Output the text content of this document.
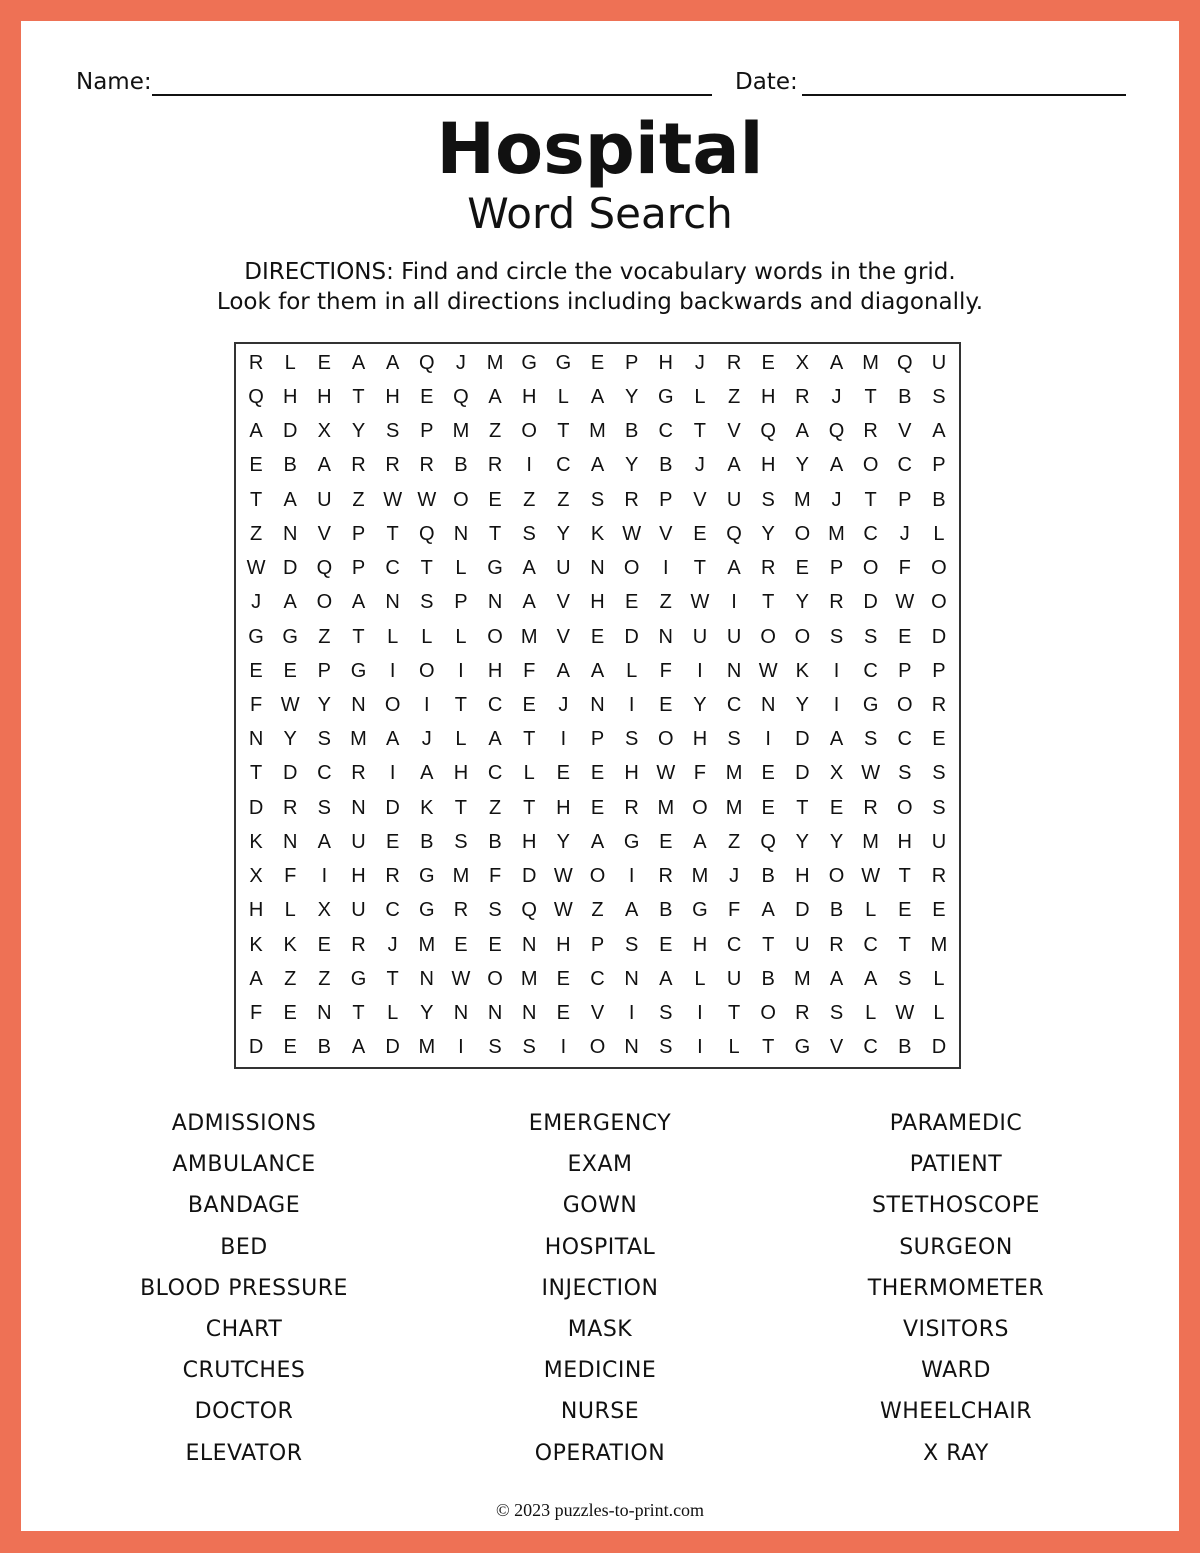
Name:	Date:
Hospital
Word Search
DIRECTIONS: Find and circle the vocabulary words in the grid.
Look for them in all directions including backwards and diagonally.
R	L	E	A	A Q	J	M G G E	P	H	J	R	E	X	A M Q U
Q H H	T	H	E Q A	H	L	A	Y G	L	Z	H R	J	T	B	S
A	D	X	Y	S	P M Z	O	T M B	C	T	V Q A Q R	V	A
E	B	A	R R R	B	R	I	C	A	Y	B	J	A	H	Y	A O C	P
T	A	U	Z W W O E	Z	Z	S	R	P	V	U	S M	J	T	P	B
Z	N	V	P	T	Q N	T	S	Y	K W V	E Q Y O M C	J	L
W D Q P	C	T	L	G A	U N O	I	T	A	R	E	P O	F	O
J	A O A	N	S	P	N	A	V	H	E	Z W	I	T	Y	R D W O
G G	Z	T	L	L	L	O M V	E	D N U U O O S	S	E	D
E	E	P G	I	O	I	H	F	A	A	L	F	I	N W K	I	C	P	P
F W Y	N O	I	T	C	E	J	N	I	E	Y	C N	Y	I	G O R
N	Y	S M A	J	L	A	T	I	P	S O H	S	I	D	A	S	C	E
T	D C R	I	A	H C	L	E	E	H W F M E	D	X W S	S
D R	S	N D	K	T	Z	T	H	E	R M O M E	T	E	R O S
K	N	A	U	E	B	S	B	H	Y	A G E	A	Z	Q Y	Y M H U
X	F	I	H R G M F	D W O	I	R M	J	B	H O W T	R
H	L	X	U C G R	S Q W Z	A	B G	F	A	D	B	L	E	E
K	K	E	R	J	M E	E	N H	P	S	E	H C	T	U R C	T M
A	Z	Z	G	T	N W O M E	C N	A	L	U	B M A	A	S	L
F	E	N	T	L	Y	N N N	E	V	I	S	I	T	O R	S	L W L
D	E	B	A	D M	I	S	S	I	O N	S	I	L	T	G V	C	B	D
ADMISSIONS
AMBULANCE
BANDAGE
BED
BLOOD PRESSURE
CHART
CRUTCHES
DOCTOR
ELEVATOR
EMERGENCY
EXAM
GOWN
HOSPITAL
INJECTION
MASK
MEDICINE
NURSE
OPERATION
PARAMEDIC
PATIENT
STETHOSCOPE
SURGEON
THERMOMETER
VISITORS
WARD
WHEELCHAIR
X RAY
© 2023 puzzles-to-print.com
